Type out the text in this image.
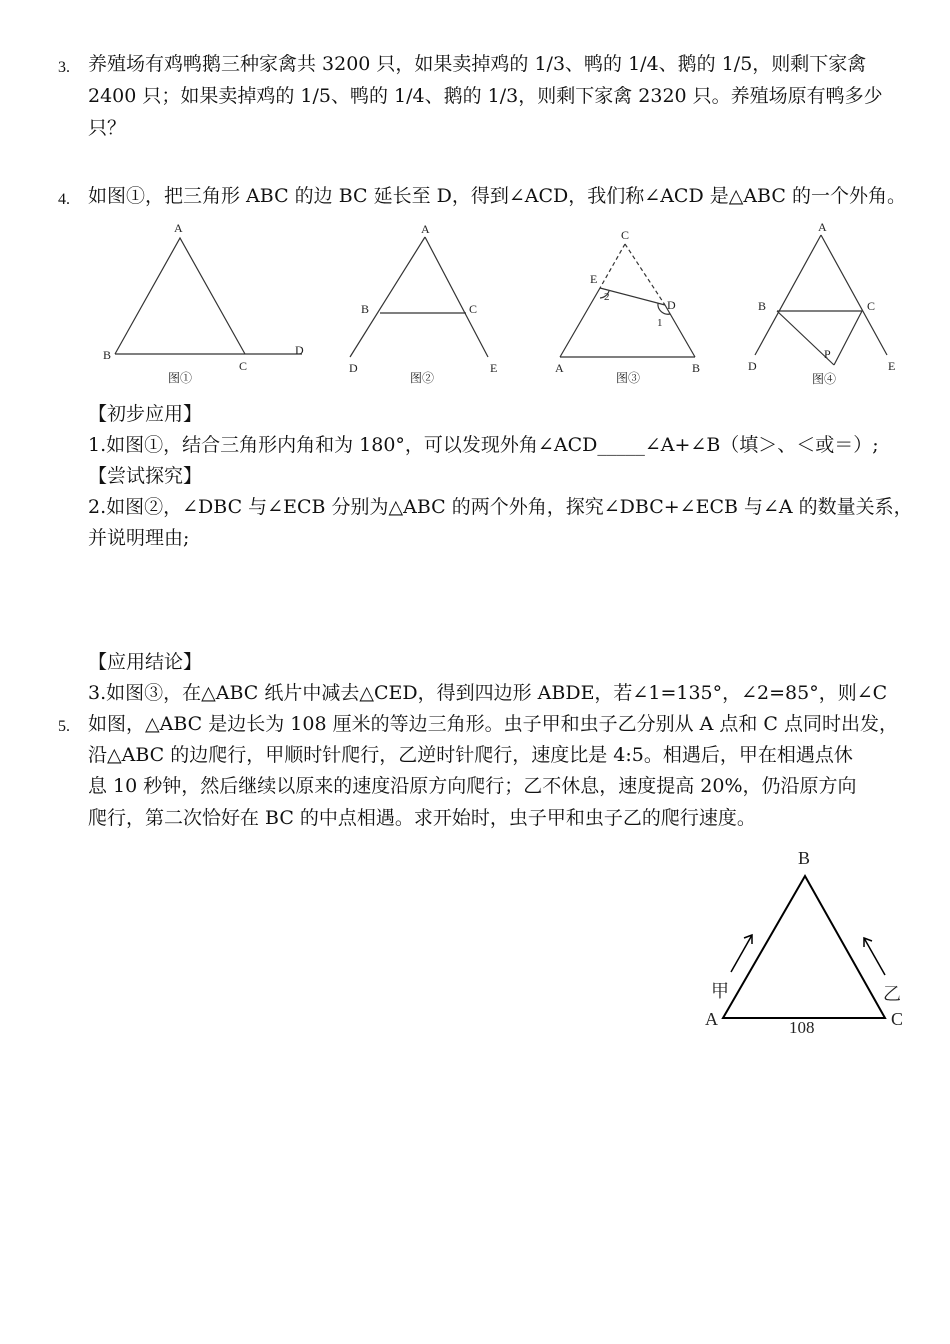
3. 养殖场有鸡鸭鹅三种家禽共 3200 只，如果卖掉鸡的 1/3、鸭的 1/4、鹅的 1/5，则剩下家禽
2400 只；如果卖掉鸡的 1/5、鸭的 1/4、鹅的 1/3，则剩下家禽 2320 只。养殖场原有鸭多少
只？
4. 如图①，把三角形 ABC 的边 BC 延长至 D，得到∠ACD，我们称∠ACD 是△ABC 的一个外角。
A
B
C
D
图①
A
B	C
D	E
图②
C
E
D
A	B
2
1
图③
A
B	C
D	E
P
图④
B
A	C
108
甲	乙
【初步应用】
1.如图①，结合三角形内角和为 180°，可以发现外角∠ACD_____∠A+∠B（填＞、＜或＝）;
【尝试探究】
2.如图②，∠DBC 与∠ECB 分别为△ABC 的两个外角，探究∠DBC+∠ECB 与∠A 的数量关系，
并说明理由;
【应用结论】
3.如图③，在△ABC 纸片中减去△CED，得到四边形 ABDE，若∠1=135°，∠2=85°，则∠C
5. 如图，△ABC 是边长为 108 厘米的等边三角形。虫子甲和虫子乙分别从 A 点和 C 点同时出发，
沿△ABC 的边爬行，甲顺时针爬行，乙逆时针爬行，速度比是 4:5。相遇后，甲在相遇点休
息 10 秒钟，然后继续以原来的速度沿原方向爬行；乙不休息，速度提高 20%，仍沿原方向
爬行，第二次恰好在 BC 的中点相遇。求开始时，虫子甲和虫子乙的爬行速度。
